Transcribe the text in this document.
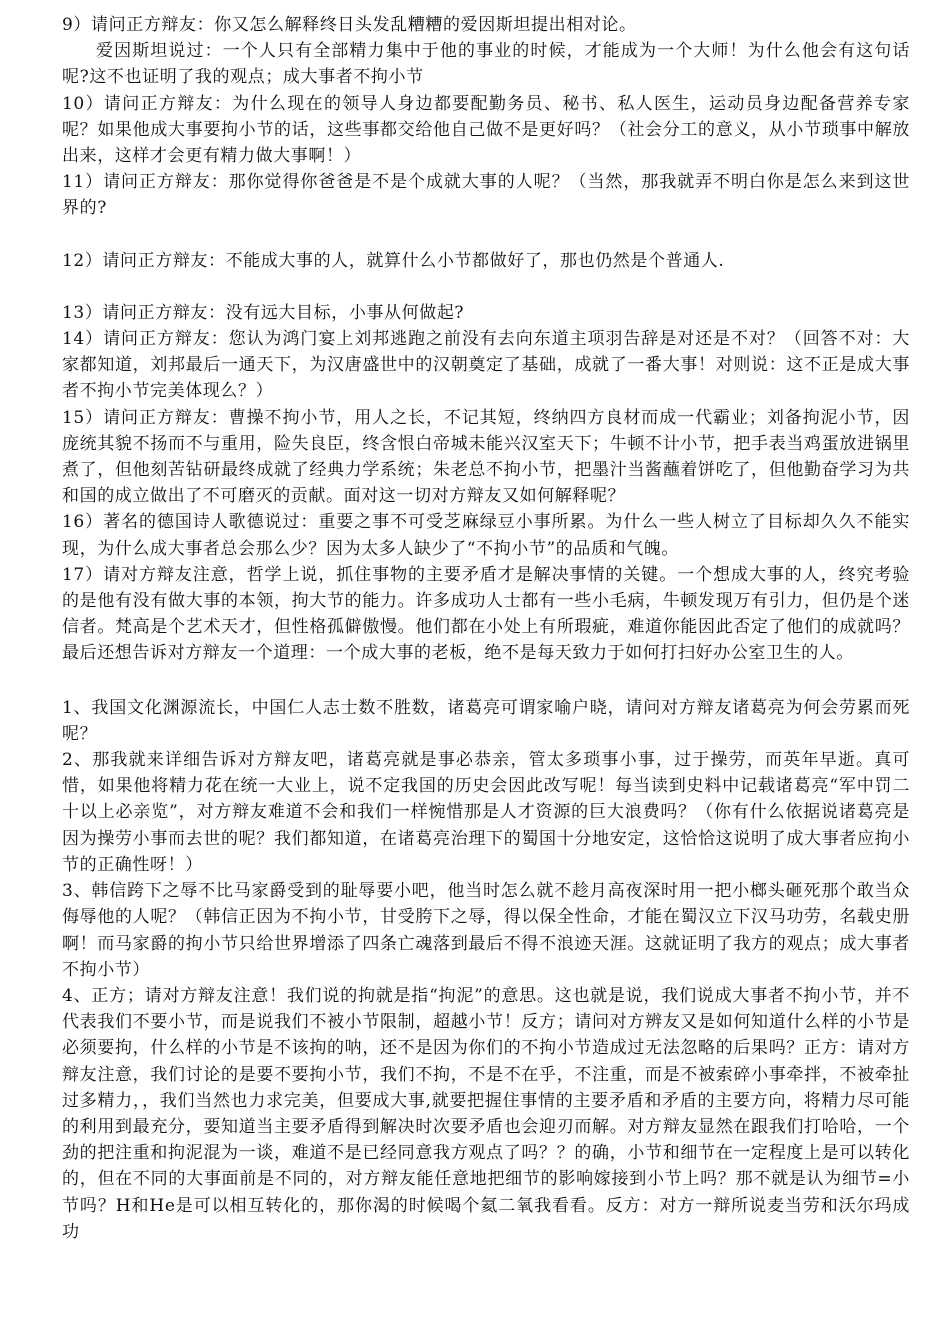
9）请问正方辩友：你又怎么解释终日头发乱糟糟的爱因斯坦提出相对论。

爱因斯坦说过：一个人只有全部精力集中于他的事业的时候，才能成为一个大师！为什么他会有这句话呢?这不也证明了我的观点；成大事者不拘小节

10）请问正方辩友：为什么现在的领导人身边都要配勤务员、秘书、私人医生，运动员身边配备营养专家呢？如果他成大事要拘小节的话，这些事都交给他自己做不是更好吗？（社会分工的意义，从小节琐事中解放出来，这样才会更有精力做大事啊！）

11）请问正方辩友：那你觉得你爸爸是不是个成就大事的人呢？（当然，那我就弄不明白你是怎么来到这世界的?

12）请问正方辩友：不能成大事的人，就算什么小节都做好了，那也仍然是个普通人.

13）请问正方辩友：没有远大目标，小事从何做起?

14）请问正方辩友：您认为鸿门宴上刘邦逃跑之前没有去向东道主项羽告辞是对还是不对？（回答不对：大家都知道，刘邦最后一通天下，为汉唐盛世中的汉朝奠定了基础，成就了一番大事！对则说：这不正是成大事者不拘小节完美体现么？）

15）请问正方辩友：曹操不拘小节，用人之长，不记其短，终纳四方良材而成一代霸业；刘备拘泥小节，因庞统其貌不扬而不与重用，险失良臣，终含恨白帝城未能兴汉室天下；牛顿不计小节，把手表当鸡蛋放进锅里煮了，但他刻苦钻研最终成就了经典力学系统；朱老总不拘小节，把墨汁当酱蘸着饼吃了，但他勤奋学习为共和国的成立做出了不可磨灭的贡献。面对这一切对方辩友又如何解释呢？

16）著名的德国诗人歌德说过：重要之事不可受芝麻绿豆小事所累。为什么一些人树立了目标却久久不能实现，为什么成大事者总会那么少？因为太多人缺少了“不拘小节”的品质和气魄。

17）请对方辩友注意，哲学上说，抓住事物的主要矛盾才是解决事情的关键。一个想成大事的人，终究考验的是他有没有做大事的本领，拘大节的能力。许多成功人士都有一些小毛病，牛顿发现万有引力，但仍是个迷信者。梵高是个艺术天才，但性格孤僻傲慢。他们都在小处上有所瑕疵，难道你能因此否定了他们的成就吗？最后还想告诉对方辩友一个道理：一个成大事的老板，绝不是每天致力于如何打扫好办公室卫生的人。

1、我国文化渊源流长，中国仁人志士数不胜数，诸葛亮可谓家喻户晓，请问对方辩友诸葛亮为何会劳累而死呢？

2、那我就来详细告诉对方辩友吧，诸葛亮就是事必恭亲，管太多琐事小事，过于操劳，而英年早逝。真可惜，如果他将精力花在统一大业上，说不定我国的历史会因此改写呢！每当读到史料中记载诸葛亮“军中罚二十以上必亲览”，对方辩友难道不会和我们一样惋惜那是人才资源的巨大浪费吗？（你有什么依据说诸葛亮是因为操劳小事而去世的呢？我们都知道，在诸葛亮治理下的蜀国十分地安定，这恰恰这说明了成大事者应拘小节的正确性呀！）

3、韩信跨下之辱不比马家爵受到的耻辱要小吧，他当时怎么就不趁月高夜深时用一把小榔头砸死那个敢当众侮辱他的人呢？（韩信正因为不拘小节，甘受胯下之辱，得以保全性命，才能在蜀汉立下汉马功劳，名载史册啊！而马家爵的拘小节只给世界增添了四条亡魂落到最后不得不浪迹天涯。这就证明了我方的观点；成大事者不拘小节）

4、正方；请对方辩友注意！我们说的拘就是指“拘泥”的意思。这也就是说，我们说成大事者不拘小节，并不代表我们不要小节，而是说我们不被小节限制，超越小节！反方；请问对方辨友又是如何知道什么样的小节是必须要拘，什么样的小节是不该拘的呐，还不是因为你们的不拘小节造成过无法忽略的后果吗？正方：请对方辩友注意，我们讨论的是要不要拘小节，我们不拘，不是不在乎，不注重，而是不被索碎小事牵拌，不被牵扯过多精力，，我们当然也力求完美，但要成大事,就要把握住事情的主要矛盾和矛盾的主要方向，将精力尽可能的利用到最充分，要知道当主要矛盾得到解决时次要矛盾也会迎刃而解。对方辩友显然在跟我们打哈哈，一个劲的把注重和拘泥混为一谈，难道不是已经同意我方观点了吗？？的确，小节和细节在一定程度上是可以转化的，但在不同的大事面前是不同的，对方辩友能任意地把细节的影响嫁接到小节上吗？那不就是认为细节=小节吗？H和He是可以相互转化的，那你渴的时候喝个氦二氧我看看。反方：对方一辩所说麦当劳和沃尔玛成功
